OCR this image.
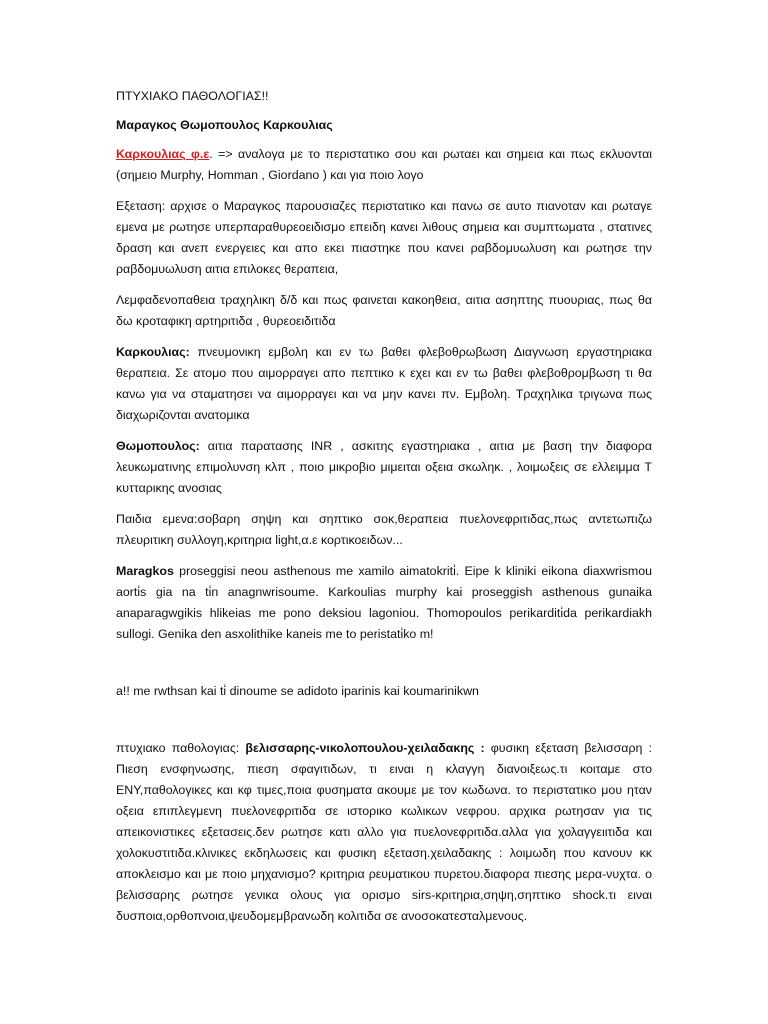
ΠΤΥΧΙΑΚΟ ΠΑΘΟΛΟΓΙΑΣ!!

Μαραγκος Θωμοπουλος Καρκουλιας

Καρκουλιας φ.ε. => αναλογα με το περιστατικο σου και ρωταει και σημεια και πως εκλυονται (σημειο Murphy, Homman , Giordano ) και για ποιο λογο

Εξεταση: αρχισε ο Μαραγκος παρουσιαζες περιστατικο και πανω σε αυτο πιανοταν και ρωταγε εμενα με ρωτησε υπερπαραθυρεοειδισμο επειδη κανει λιθους σημεια και συμπτωματα , στατινες δραση και ανεπ ενεργειες και απο εκει πιαστηκε που κανει ραβδομυωλυση και ρωτησε την ραβδομυωλυση αιτια επιλοκες θεραπεια,

Λεμφαδενοπαθεια τραχηλικη δ/δ και πως φαινεται κακοηθεια, αιτια ασηπτης πυουριας, πως θα δω κροταφικη αρτηριτιδα , θυρεοειδιτιδα

Καρκουλιας: πνευμονικη εμβολη και εν τω βαθει φλεβοθρωβωση Διαγνωση εργαστηριακα θεραπεια. Σε ατομο που αιμορραγει απο πεπτικο κ εχει και εν τω βαθει φλεβοθρομβωση τι θα κανω για να σταματησει να αιμορραγει και να μην κανει πν. Εμβολη. Τραχηλικα τριγωνα πως διαχωριζονται ανατομικα

Θωμοπουλος: αιτια παρατασης INR , ασκιτης εγαστηριακα , αιτια με βαση την διαφορα λευκωματινης επιμολυνση κλπ , ποιο μικροβιο μιμειται οξεια σκωληκ. , λοιμωξεις σε ελλειμμα Τ κυτταρικης ανοσιας

Παιδια εμενα:σοβαρη σηψη και σηπτικο σοκ,θεραπεια πυελονεφριτιδας,πως αντετωπιζω πλευριτικη συλλογη,κριτηρια light,α.ε κορτικοειδων...

Maragkos proseggisi neou asthenous me xamilo aimatokriti̇. Eipe k kliniki eikona diaxwrismou aorti̇s gia na ti̇n anagnwrisoume. Karkoulias murphy kai proseggish asthenous gunaika anaparagwgikis hlikeias me pono deksiou lagoniou. Thomopoulos perikarditi̇da perikardiakh sullogi. Genika den asxolithike kaneis me to peristati̇ko m!

a!! me rwthsan kai ti̇ dinoume se adidoto iparinis kai koumarinikwn

πτυχιακο παθολογιας: βελισσαρης-νικολοπουλου-χειλαδακης : φυσικη εξεταση βελισσαρη : Πιεση ενσφηνωσης, πιεση σφαγιτιδων, τι ειναι η κλαγγη διανοιξεως.τι κοιταμε στο ΕΝΥ,παθολογικες και κφ τιμες,ποια φυσηματα ακουμε με τον κωδωνα. το περιστατικο μου ηταν οξεια επιπλεγμενη πυελονεφριτιδα σε ιστορικο κωλικων νεφρου. αρχικα ρωτησαν για τις απεικονιστικες εξετασεις.δεν ρωτησε κατι αλλο για πυελονεφριτιδα.αλλα για χολαγγειιτιδα και χολοκυστιτιδα.κλινικες εκδηλωσεις και φυσικη εξεταση.χειλαδακης : λοιμωδη που κανουν κκ αποκλεισμο και με ποιο μηχανισμο? κριτηρια ρευματικου πυρετου.διαφορα πιεσης μερα-νυχτα. ο βελισσαρης ρωτησε γενικα ολους για ορισμο sirs-κριτηρια,σηψη,σηπτικο shock.τι ειναι δυσποια,ορθοπνοια,ψευδομεμβρανωδη κολιτιδα σε ανοσοκατεσταλμενους.
